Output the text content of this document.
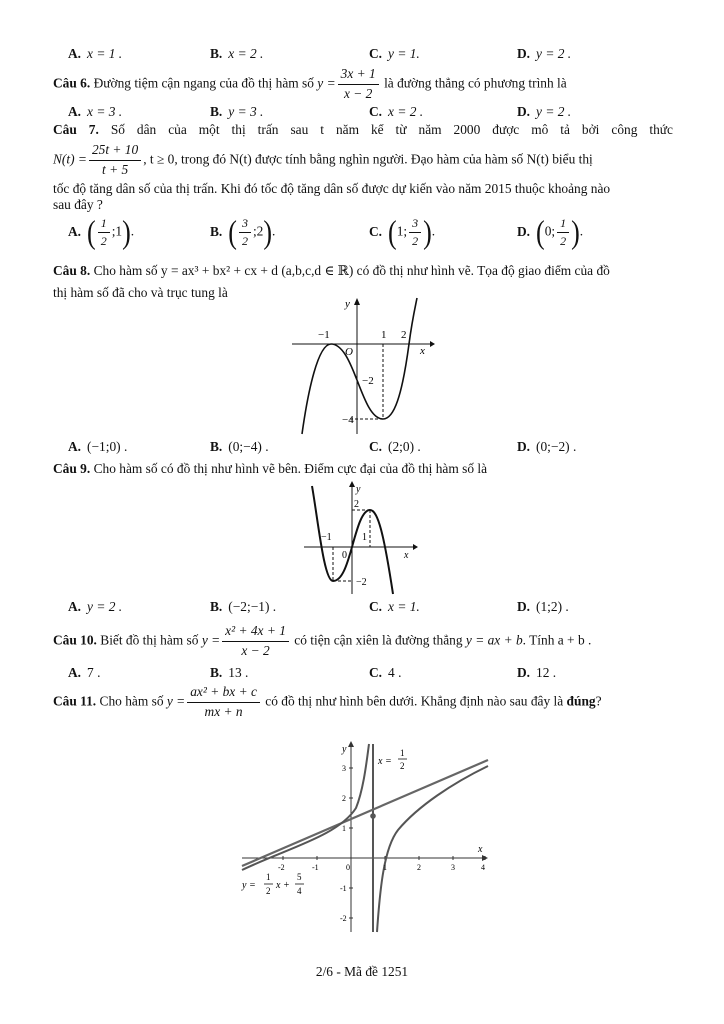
A. x = 1 .	B. x = 2 .	C. y = 1.	D. y = 2 .
Câu 6. Đường tiệm cận ngang của đồ thị hàm số $y = \frac{3x + 1}{x - 2}$ là đường thẳng có phương trình là
A. x = 3 .	B. y = 3 .	C. x = 2 .	D. y = 2 .
Câu 7. Số dân của một thị trấn sau t năm kể từ năm 2000 được mô tả bởi công thức
$N(t) = \frac{25t + 10}{t + 5}$ , t ≥ 0, trong đó N(t) được tính bằng nghìn người. Đạo hàm của hàm số N(t) biểu thị
tốc độ tăng dân số của thị trấn. Khi đó tốc độ tăng dân số được dự kiến vào năm 2015 thuộc khoảng nào
sau đây ?
A. ( $\frac{1}{2}$ ;1).	B. ( $\frac{3}{2}$ ;2).	C. (1; $\frac{3}{2}$ ).	D. (0; $\frac{1}{2}$ ).
Câu 8. Cho hàm số y = ax³ + bx² + cx + d (a,b,c,d ∈ ℝ) có đồ thị như hình vẽ. Tọa độ giao điểm của đồ
thị hàm số đã cho và trục tung là
y
x
O
−1	1 2
−2
−4
A. (−1;0) .	B. (0;−4) .	C. (2;0) .	D. (0;−2) .
Câu 9. Cho hàm số có đồ thị như hình vẽ bên. Điểm cực đại của đồ thị hàm số là
y
x
0
−1	1
2
−2
A. y = 2 .	B. (−2;−1) .	C. x = 1.	D. (1;2) .
Câu 10. Biết đồ thị hàm số $y = \frac{\text{x² + 4x + 1}}{x - 2}$ có tiện cận xiên là đường thẳng y = ax + b. Tính a + b .
A. 7 .	B. 13 .	C. 4 .	D. 12 .
Câu 11. Cho hàm số $y = \frac{\text{ax² + bx + c}}{mx + n}$ có đồ thị như hình bên dưới. Khẳng định nào sau đây là đúng?
y
x
0
-2	-1	1	2	3	4
3
2
1
-1
-2
x =
1
2
y =
1
2 x +
5
4
2/6 - Mã đề 1251
